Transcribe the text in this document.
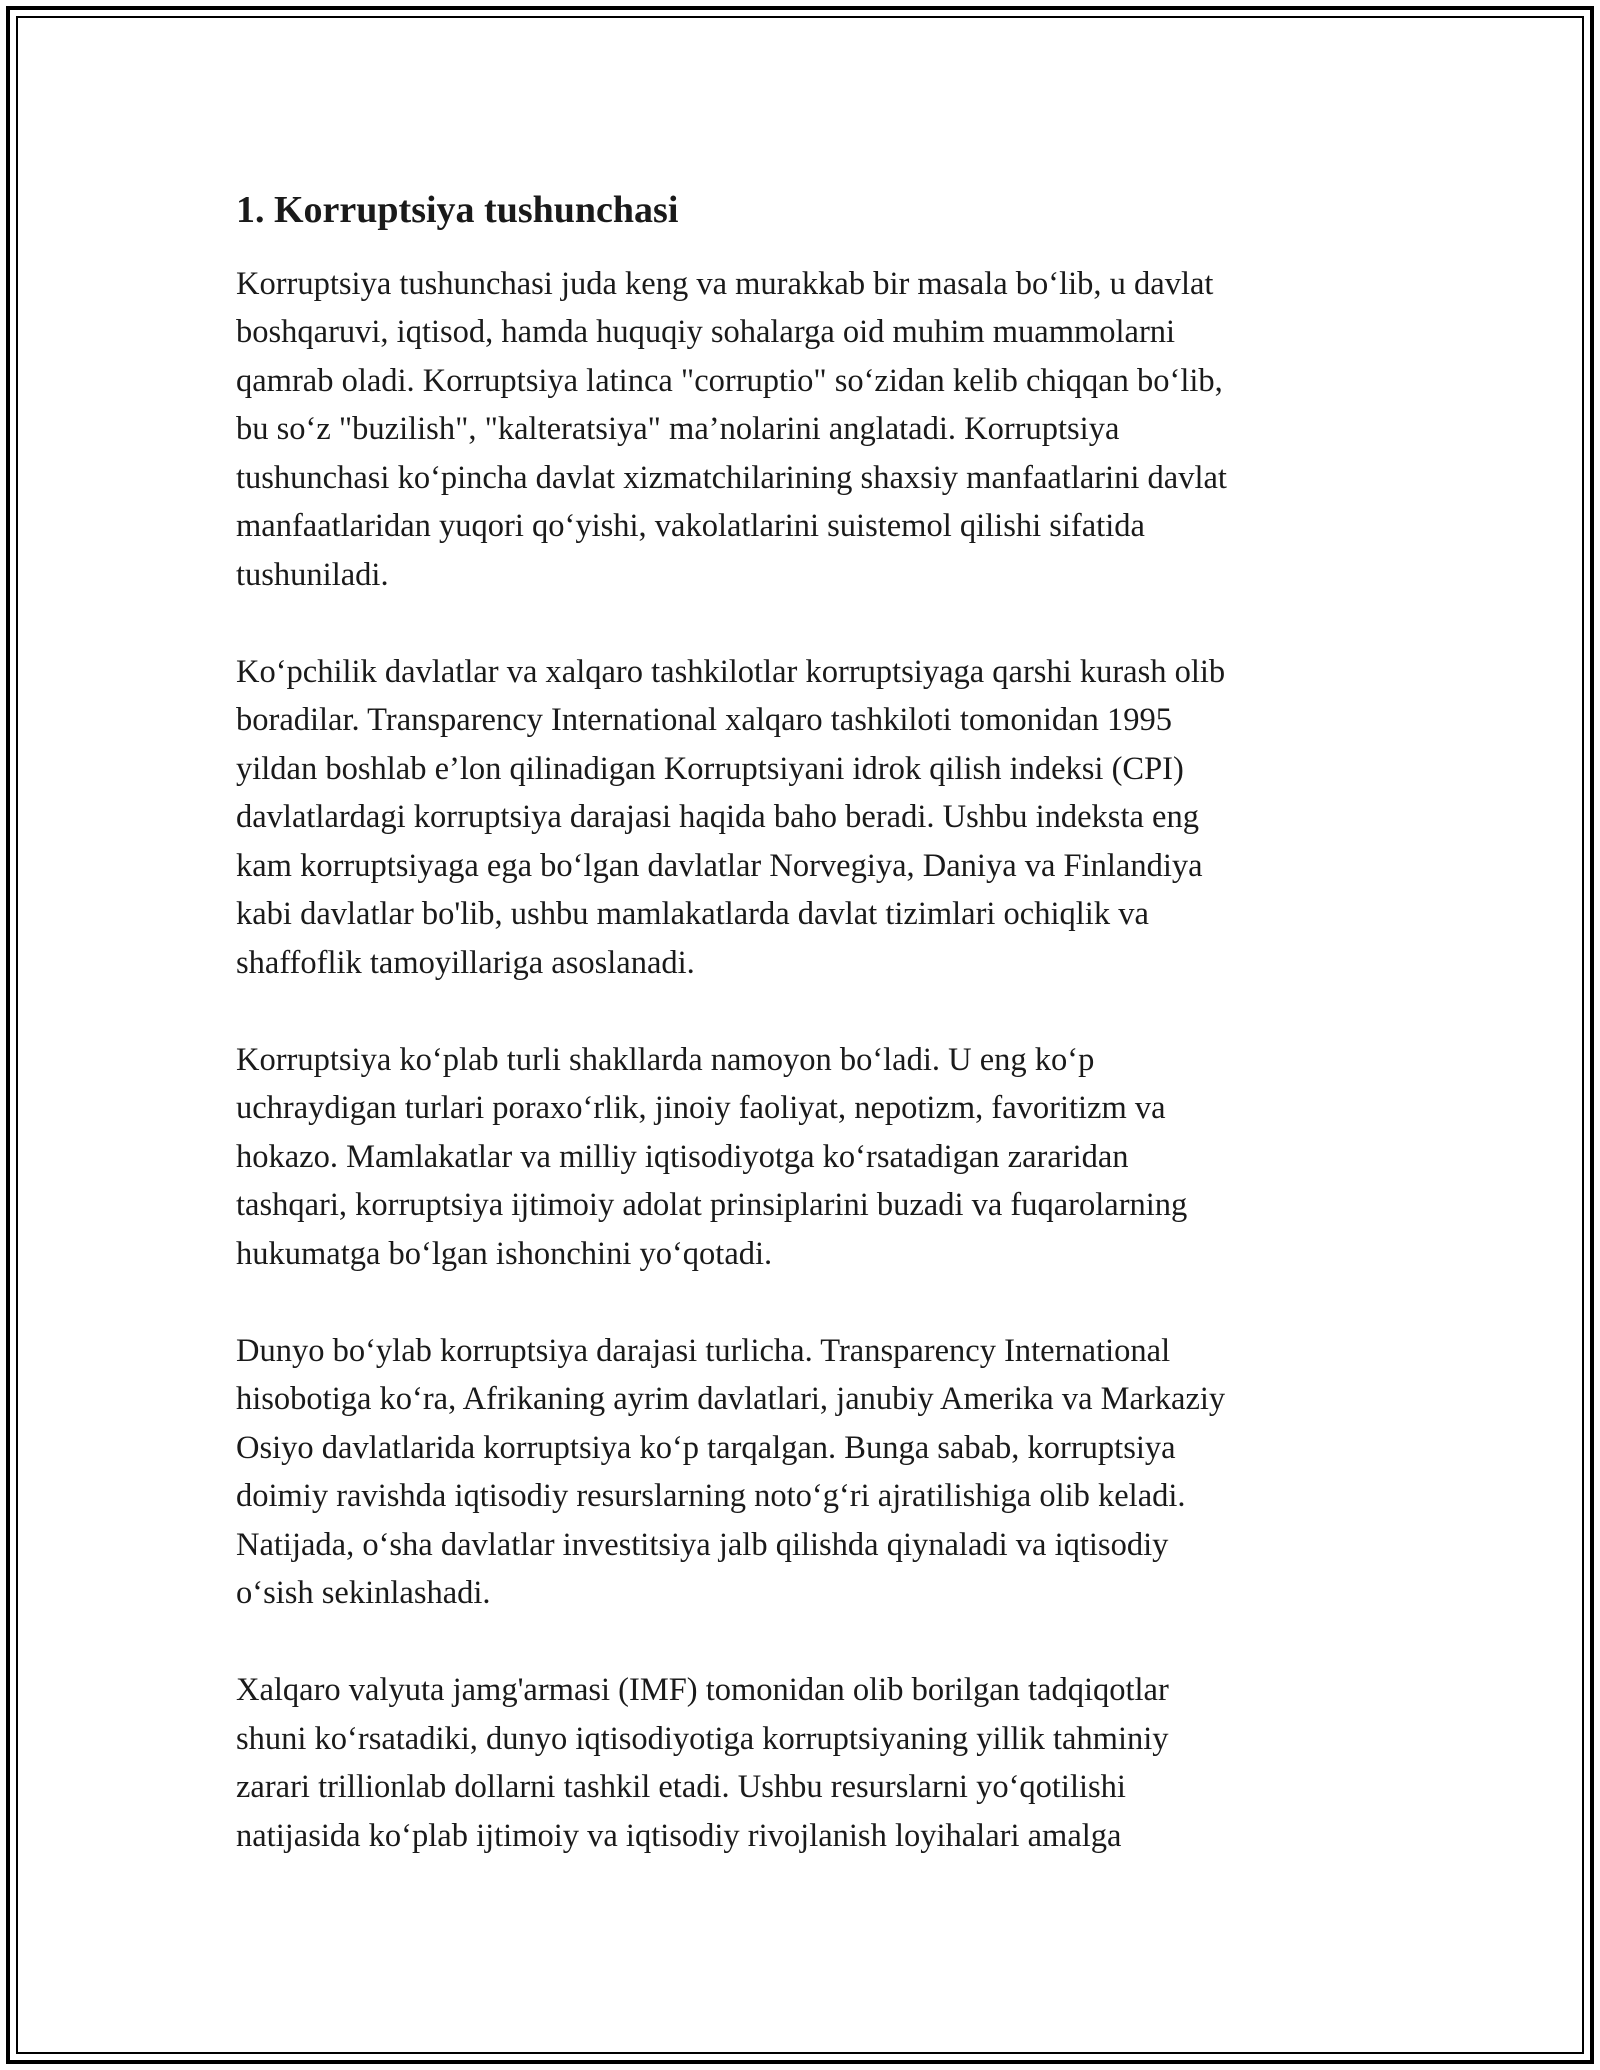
1. Korruptsiya tushunchasi

Korruptsiya tushunchasi juda keng va murakkab bir masala bo‘lib, u davlat
boshqaruvi, iqtisod, hamda huquqiy sohalarga oid muhim muammolarni
qamrab oladi. Korruptsiya latinca "corruptio" so‘zidan kelib chiqqan bo‘lib,
bu so‘z "buzilish", "kalteratsiya" ma’nolarini anglatadi. Korruptsiya
tushunchasi ko‘pincha davlat xizmatchilarining shaxsiy manfaatlarini davlat
manfaatlaridan yuqori qo‘yishi, vakolatlarini suistemol qilishi sifatida
tushuniladi.

Ko‘pchilik davlatlar va xalqaro tashkilotlar korruptsiyaga qarshi kurash olib
boradilar. Transparency International xalqaro tashkiloti tomonidan 1995
yildan boshlab e’lon qilinadigan Korruptsiyani idrok qilish indeksi (CPI)
davlatlardagi korruptsiya darajasi haqida baho beradi. Ushbu indeksta eng
kam korruptsiyaga ega bo‘lgan davlatlar Norvegiya, Daniya va Finlandiya
kabi davlatlar bo'lib, ushbu mamlakatlarda davlat tizimlari ochiqlik va
shaffoflik tamoyillariga asoslanadi.

Korruptsiya ko‘plab turli shakllarda namoyon bo‘ladi. U eng ko‘p
uchraydigan turlari poraxo‘rlik, jinoiy faoliyat, nepotizm, favoritizm va
hokazo. Mamlakatlar va milliy iqtisodiyotga ko‘rsatadigan zararidan
tashqari, korruptsiya ijtimoiy adolat prinsiplarini buzadi va fuqarolarning
hukumatga bo‘lgan ishonchini yo‘qotadi.

Dunyo bo‘ylab korruptsiya darajasi turlicha. Transparency International
hisobotiga ko‘ra, Afrikaning ayrim davlatlari, janubiy Amerika va Markaziy
Osiyo davlatlarida korruptsiya ko‘p tarqalgan. Bunga sabab, korruptsiya
doimiy ravishda iqtisodiy resurslarning noto‘g‘ri ajratilishiga olib keladi.
Natijada, o‘sha davlatlar investitsiya jalb qilishda qiynaladi va iqtisodiy
o‘sish sekinlashadi.

Xalqaro valyuta jamg'armasi (IMF) tomonidan olib borilgan tadqiqotlar
shuni ko‘rsatadiki, dunyo iqtisodiyotiga korruptsiyaning yillik tahminiy
zarari trillionlab dollarni tashkil etadi. Ushbu resurslarni yo‘qotilishi
natijasida ko‘plab ijtimoiy va iqtisodiy rivojlanish loyihalari amalga
